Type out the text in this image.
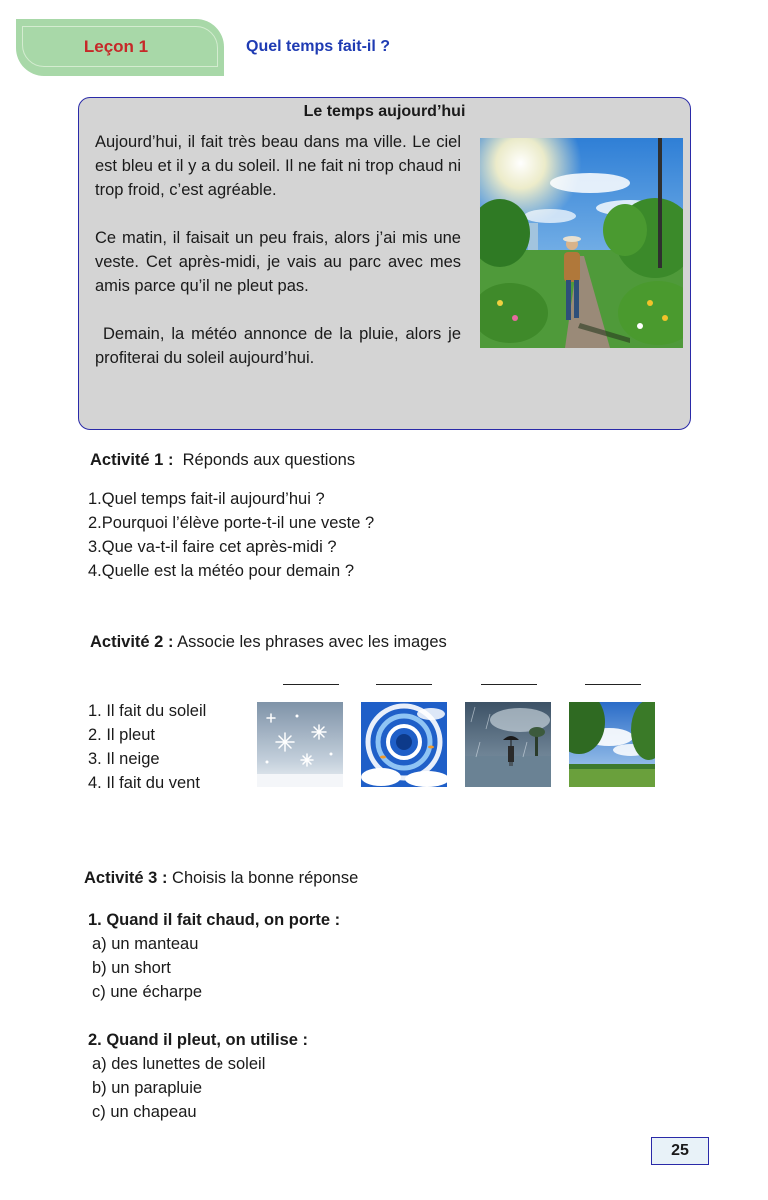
Leçon 1	Quel temps fait-il ?
Le temps aujourd’hui

Aujourd’hui, il fait très beau dans ma ville. Le ciel est bleu et il y a du soleil. Il ne fait ni trop chaud ni trop froid, c’est agréable.

Ce matin, il faisait un peu frais, alors j’ai mis une veste. Cet après-midi, je vais au parc avec mes amis parce qu’il ne pleut pas.

Demain, la météo annonce de la pluie, alors je profiterai du soleil aujourd’hui.

Activité 1 : Réponds aux questions
1.Quel temps fait-il aujourd’hui ?
2.Pourquoi l’élève porte-t-il une veste ?
3.Que va-t-il faire cet après-midi ?
4.Quelle est la météo pour demain ?
Activité 2 : Associe les phrases avec les images
1. Il fait du soleil
2. Il pleut
3. Il neige
4. Il fait du vent
Activité 3 : Choisis la bonne réponse
1. Quand il fait chaud, on porte :
a) un manteau
b) un short
c) une écharpe
2. Quand il pleut, on utilise :
a) des lunettes de soleil
b) un parapluie
c) un chapeau
25
